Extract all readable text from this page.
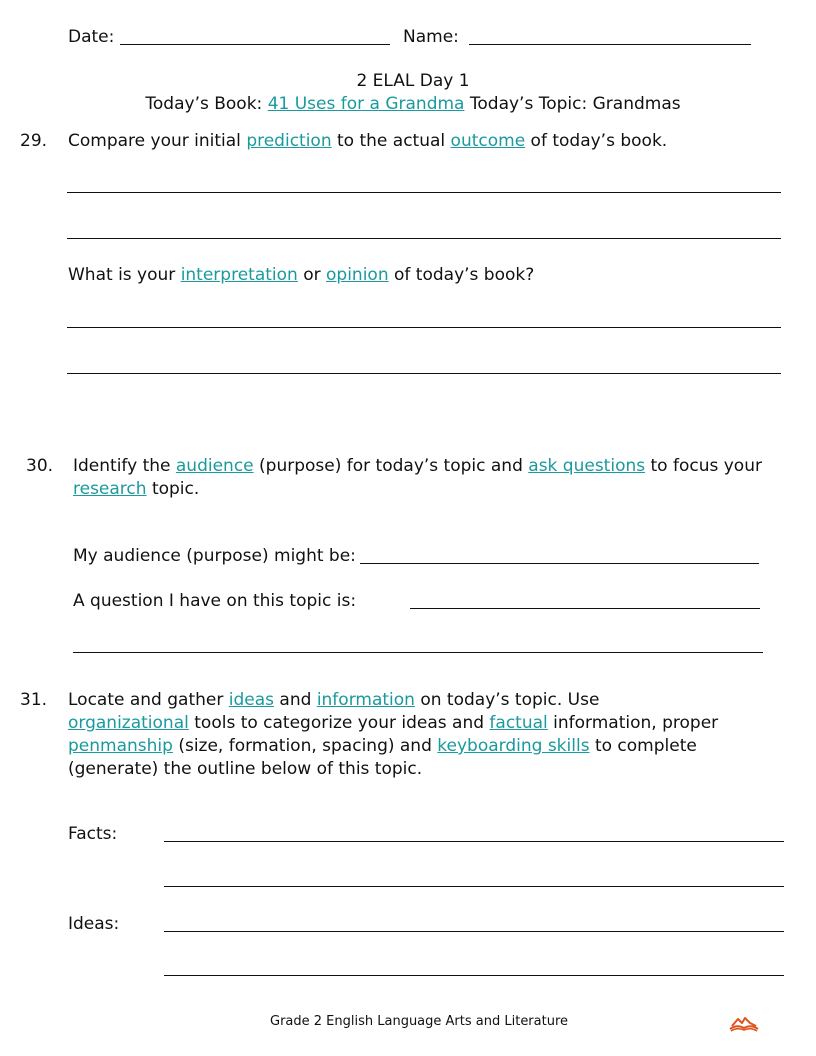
Date:	Name:
2 ELAL Day 1
Today’s Book: 41 Uses for a Grandma Today’s Topic: Grandmas
29. Compare your initial prediction to the actual outcome of today’s book.
What is your interpretation or opinion of today’s book?
30. Identify the audience (purpose) for today’s topic and ask questions to focus your
research topic.
My audience (purpose) might be:
A question I have on this topic is:
31. Locate and gather ideas and information on today’s topic. Use
organizational tools to categorize your ideas and factual information, proper
penmanship (size, formation, spacing) and keyboarding skills to complete
(generate) the outline below of this topic.
Facts:
Ideas:
Grade 2 English Language Arts and Literature
